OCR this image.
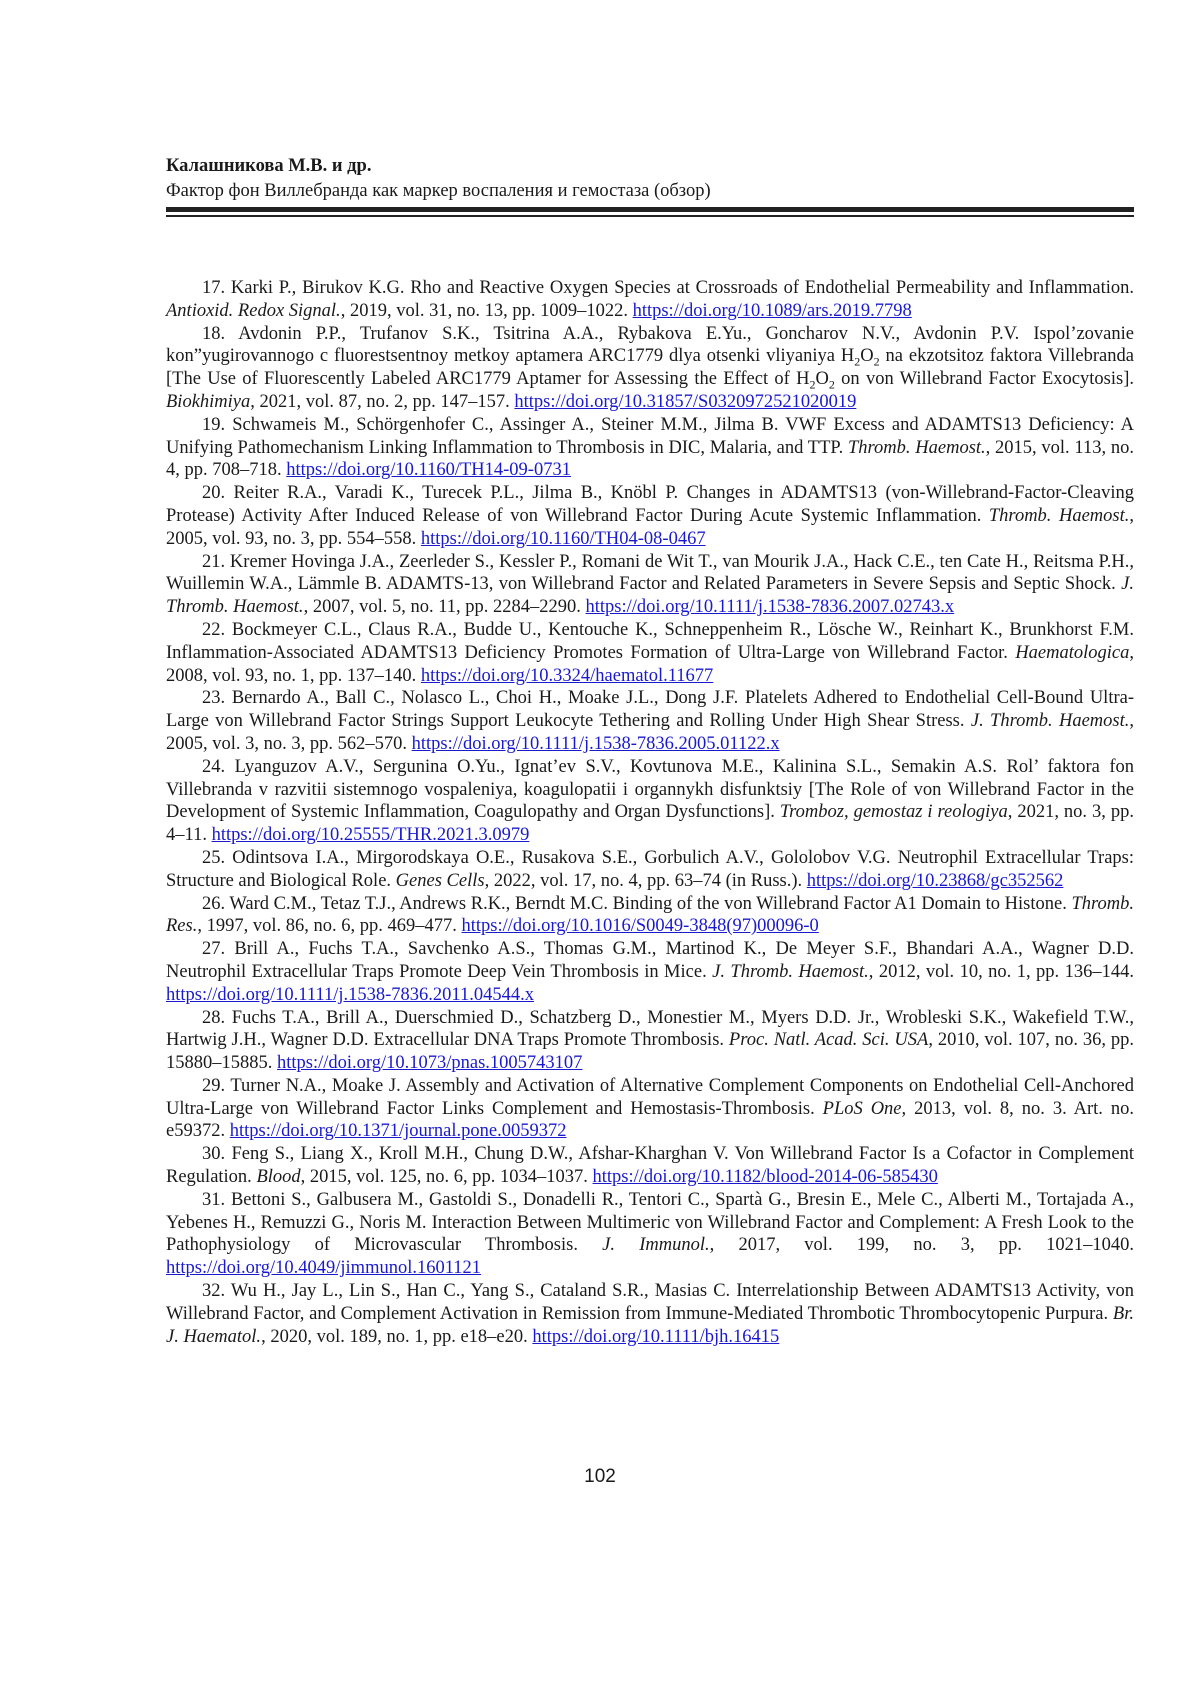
Калашникова М.В. и др.
Фактор фон Виллебранда как маркер воспаления и гемостаза (обзор)

17. Karki P., Birukov K.G. Rho and Reactive Oxygen Species at Crossroads of Endothelial Permeability and Inflammation. Antioxid. Redox Signal., 2019, vol. 31, no. 13, pp. 1009–1022. https://doi.org/10.1089/ars.2019.7798

18. Avdonin P.P., Trufanov S.K., Tsitrina A.A., Rybakova E.Yu., Goncharov N.V., Avdonin P.V. Ispol’zovanie kon”yugirovannogo c fluorestsentnoy metkoy aptamera ARC1779 dlya otsenki vliyaniya $H_2O_2$ na ekzotsitoz faktora Villebranda [The Use of Fluorescently Labeled ARC1779 Aptamer for Assessing the Effect of $H_2O_2$ on von Willebrand Factor Exocytosis]. Biokhimiya, 2021, vol. 87, no. 2, pp. 147–157. https://doi.org/10.31857/S0320972521020019

19. Schwameis M., Schörgenhofer C., Assinger A., Steiner M.M., Jilma B. VWF Excess and ADAMTS13 Deficiency: A Unifying Pathomechanism Linking Inflammation to Thrombosis in DIC, Malaria, and TTP. Thromb. Haemost., 2015, vol. 113, no. 4, pp. 708–718. https://doi.org/10.1160/TH14-09-0731

20. Reiter R.A., Varadi K., Turecek P.L., Jilma B., Knöbl P. Changes in ADAMTS13 (von-Willebrand-Factor-Cleaving Protease) Activity After Induced Release of von Willebrand Factor During Acute Systemic Inflammation. Thromb. Haemost., 2005, vol. 93, no. 3, pp. 554–558. https://doi.org/10.1160/TH04-08-0467

21. Kremer Hovinga J.A., Zeerleder S., Kessler P., Romani de Wit T., van Mourik J.A., Hack C.E., ten Cate H., Reitsma P.H., Wuillemin W.A., Lämmle B. ADAMTS-13, von Willebrand Factor and Related Parameters in Severe Sepsis and Septic Shock. J. Thromb. Haemost., 2007, vol. 5, no. 11, pp. 2284–2290. https://doi.org/10.1111/j.1538-7836.2007.02743.x

22. Bockmeyer C.L., Claus R.A., Budde U., Kentouche K., Schneppenheim R., Lösche W., Reinhart K., Brunkhorst F.M. Inflammation-Associated ADAMTS13 Deficiency Promotes Formation of Ultra-Large von Willebrand Factor. Haematologica, 2008, vol. 93, no. 1, pp. 137–140. https://doi.org/10.3324/haematol.11677

23. Bernardo A., Ball C., Nolasco L., Choi H., Moake J.L., Dong J.F. Platelets Adhered to Endothelial Cell-Bound Ultra-Large von Willebrand Factor Strings Support Leukocyte Tethering and Rolling Under High Shear Stress. J. Thromb. Haemost., 2005, vol. 3, no. 3, pp. 562–570. https://doi.org/10.1111/j.1538-7836.2005.01122.x

24. Lyanguzov A.V., Sergunina O.Yu., Ignat’ev S.V., Kovtunova M.E., Kalinina S.L., Semakin A.S. Rol’ faktora fon Villebranda v razvitii sistemnogo vospaleniya, koagulopatii i organnykh disfunktsiy [The Role of von Willebrand Factor in the Development of Systemic Inflammation, Coagulopathy and Organ Dysfunctions]. Tromboz, gemostaz i reologiya, 2021, no. 3, pp. 4–11. https://doi.org/10.25555/THR.2021.3.0979

25. Odintsova I.A., Mirgorodskaya O.E., Rusakova S.E., Gorbulich A.V., Gololobov V.G. Neutrophil Extracellular Traps: Structure and Biological Role. Genes Cells, 2022, vol. 17, no. 4, pp. 63–74 (in Russ.). https://doi.org/10.23868/gc352562

26. Ward C.M., Tetaz T.J., Andrews R.K., Berndt M.C. Binding of the von Willebrand Factor A1 Domain to Histone. Thromb. Res., 1997, vol. 86, no. 6, pp. 469–477. https://doi.org/10.1016/S0049-3848(97)00096-0

27. Brill A., Fuchs T.A., Savchenko A.S., Thomas G.M., Martinod K., De Meyer S.F., Bhandari A.A., Wagner D.D. Neutrophil Extracellular Traps Promote Deep Vein Thrombosis in Mice. J. Thromb. Haemost., 2012, vol. 10, no. 1, pp. 136–144. https://doi.org/10.1111/j.1538-7836.2011.04544.x

28. Fuchs T.A., Brill A., Duerschmied D., Schatzberg D., Monestier M., Myers D.D. Jr., Wrobleski S.K., Wakefield T.W., Hartwig J.H., Wagner D.D. Extracellular DNA Traps Promote Thrombosis. Proc. Natl. Acad. Sci. USA, 2010, vol. 107, no. 36, pp. 15880–15885. https://doi.org/10.1073/pnas.1005743107

29. Turner N.A., Moake J. Assembly and Activation of Alternative Complement Components on Endothelial Cell-Anchored Ultra-Large von Willebrand Factor Links Complement and Hemostasis-Thrombosis. PLoS One, 2013, vol. 8, no. 3. Art. no. e59372. https://doi.org/10.1371/journal.pone.0059372

30. Feng S., Liang X., Kroll M.H., Chung D.W., Afshar-Kharghan V. Von Willebrand Factor Is a Cofactor in Complement Regulation. Blood, 2015, vol. 125, no. 6, pp. 1034–1037. https://doi.org/10.1182/blood-2014-06-585430

31. Bettoni S., Galbusera M., Gastoldi S., Donadelli R., Tentori C., Spartà G., Bresin E., Mele C., Alberti M., Tortajada A., Yebenes H., Remuzzi G., Noris M. Interaction Between Multimeric von Willebrand Factor and Complement: A Fresh Look to the Pathophysiology of Microvascular Thrombosis. J. Immunol., 2017, vol. 199, no. 3, pp. 1021–1040. https://doi.org/10.4049/jimmunol.1601121

32. Wu H., Jay L., Lin S., Han C., Yang S., Cataland S.R., Masias C. Interrelationship Between ADAMTS13 Activity, von Willebrand Factor, and Complement Activation in Remission from Immune-Mediated Thrombotic Thrombocytopenic Purpura. Br. J. Haematol., 2020, vol. 189, no. 1, pp. e18–e20. https://doi.org/10.1111/bjh.16415

102
